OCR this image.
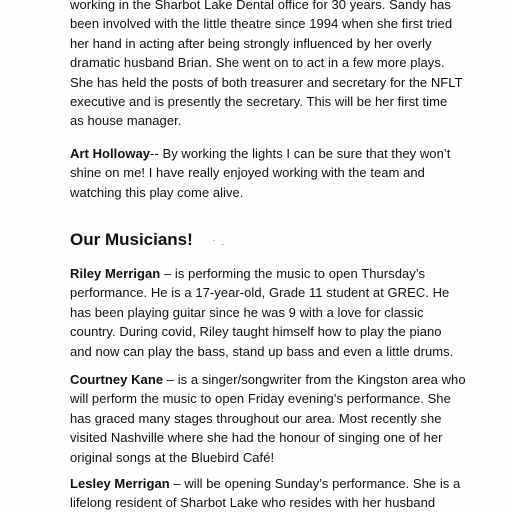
working in the Sharbot Lake Dental office for 30 years. Sandy has
been involved with the little theatre since 1994 when she first tried
her hand in acting after being strongly influenced by her overly
dramatic husband Brian. She went on to act in a few more plays.
She has held the posts of both treasurer and secretary for the NFLT
executive and is presently the secretary. This will be her first time
as house manager.

Art Holloway-- By working the lights I can be sure that they won’t
shine on me! I have really enjoyed working with the team and
watching this play come alive.

Our Musicians!

Riley Merrigan – is performing the music to open Thursday’s
performance. He is a 17-year-old, Grade 11 student at GREC. He
has been playing guitar since he was 9 with a love for classic
country. During covid, Riley taught himself how to play the piano
and now can play the bass, stand up bass and even a little drums.

Courtney Kane – is a singer/songwriter from the Kingston area who
will perform the music to open Friday evening’s performance. She
has graced many stages throughout our area. Most recently she
visited Nashville where she had the honour of singing one of her
original songs at the Bluebird Café!

Lesley Merrigan – will be opening Sunday’s performance. She is a
lifelong resident of Sharbot Lake who resides with her husband
